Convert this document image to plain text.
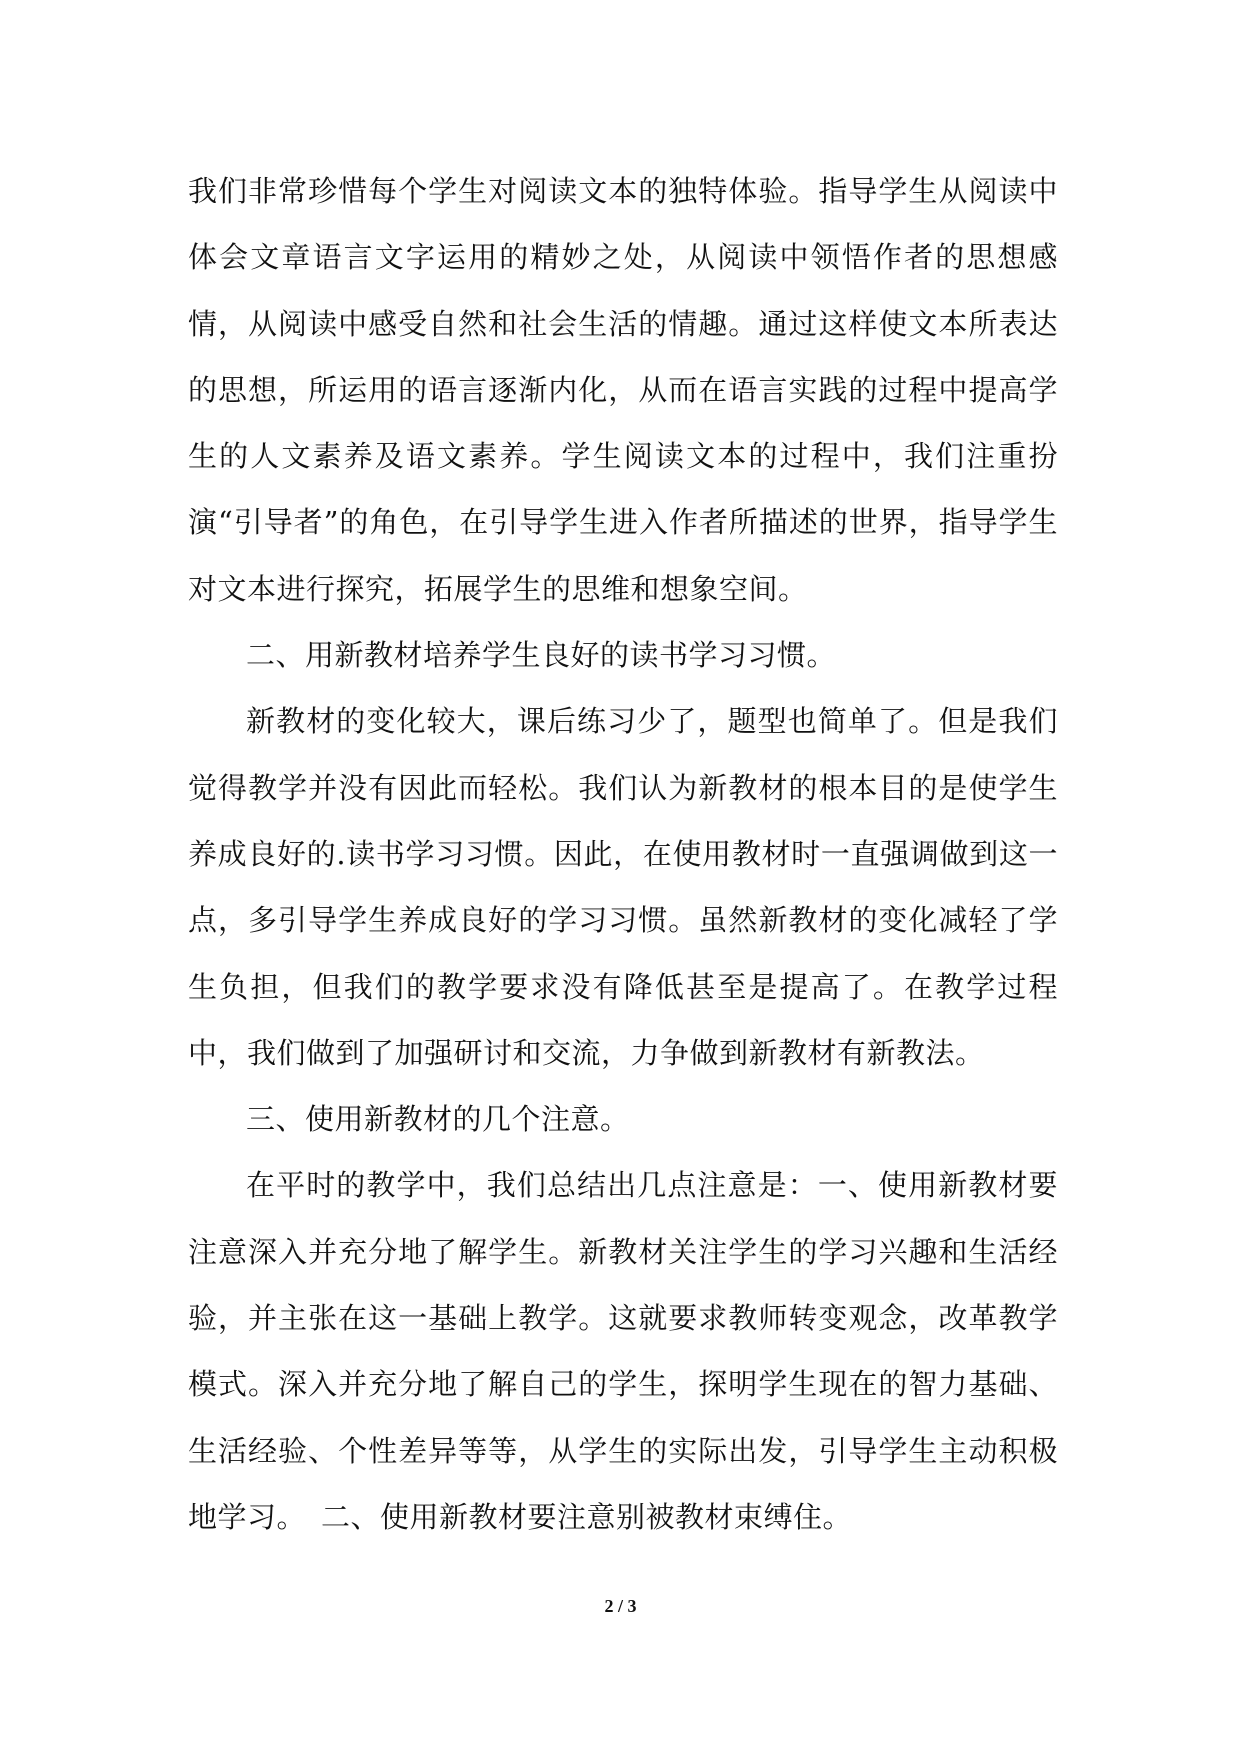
我们非常珍惜每个学生对阅读文本的独特体验。指导学生从阅读中体会文章语言文字运用的精妙之处，从阅读中领悟作者的思想感情，从阅读中感受自然和社会生活的情趣。通过这样使文本所表达的思想，所运用的语言逐渐内化，从而在语言实践的过程中提高学生的人文素养及语文素养。学生阅读文本的过程中，我们注重扮演“引导者”的角色，在引导学生进入作者所描述的世界，指导学生对文本进行探究，拓展学生的思维和想象空间。

二、用新教材培养学生良好的读书学习习惯。

新教材的变化较大，课后练习少了，题型也简单了。但是我们觉得教学并没有因此而轻松。我们认为新教材的根本目的是使学生养成良好的.读书学习习惯。因此，在使用教材时一直强调做到这一点，多引导学生养成良好的学习习惯。虽然新教材的变化减轻了学生负担，但我们的教学要求没有降低甚至是提高了。在教学过程中，我们做到了加强研讨和交流，力争做到新教材有新教法。

三、使用新教材的几个注意。

在平时的教学中，我们总结出几点注意是：一、使用新教材要注意深入并充分地了解学生。新教材关注学生的学习兴趣和生活经验，并主张在这一基础上教学。这就要求教师转变观念，改革教学模式。深入并充分地了解自己的学生，探明学生现在的智力基础、生活经验、个性差异等等，从学生的实际出发，引导学生主动积极地学习。　二、使用新教材要注意别被教材束缚住。

2 / 3
